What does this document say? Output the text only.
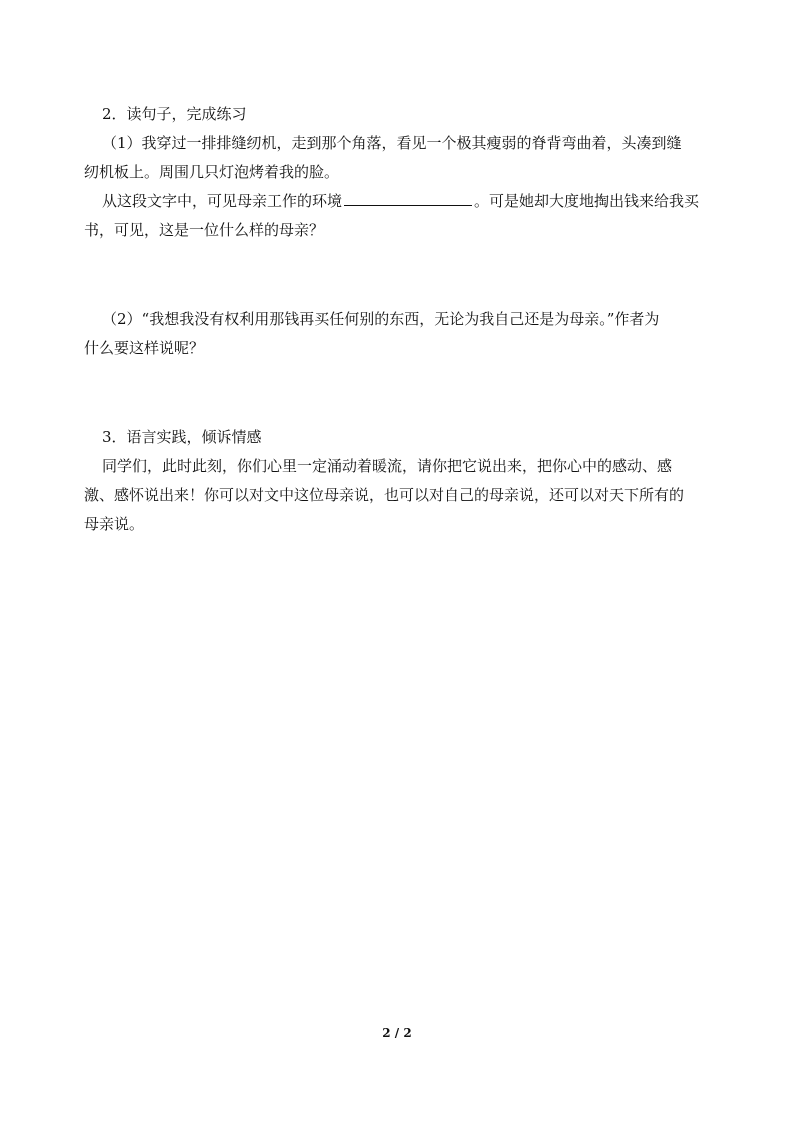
2．读句子，完成练习
（1）我穿过一排排缝纫机，走到那个角落，看见一个极其瘦弱的脊背弯曲着，头凑到缝
纫机板上。周围几只灯泡烤着我的脸。
从这段文字中，可见母亲工作的环境	。可是她却大度地掏出钱来给我买
书，可见，这是一位什么样的母亲？
（2）“我想我没有权利用那钱再买任何别的东西，无论为我自己还是为母亲。”作者为
什么要这样说呢？
3．语言实践，倾诉情感
同学们，此时此刻，你们心里一定涌动着暖流，请你把它说出来，把你心中的感动、感
激、感怀说出来！你可以对文中这位母亲说，也可以对自己的母亲说，还可以对天下所有的
母亲说。
2 / 2
